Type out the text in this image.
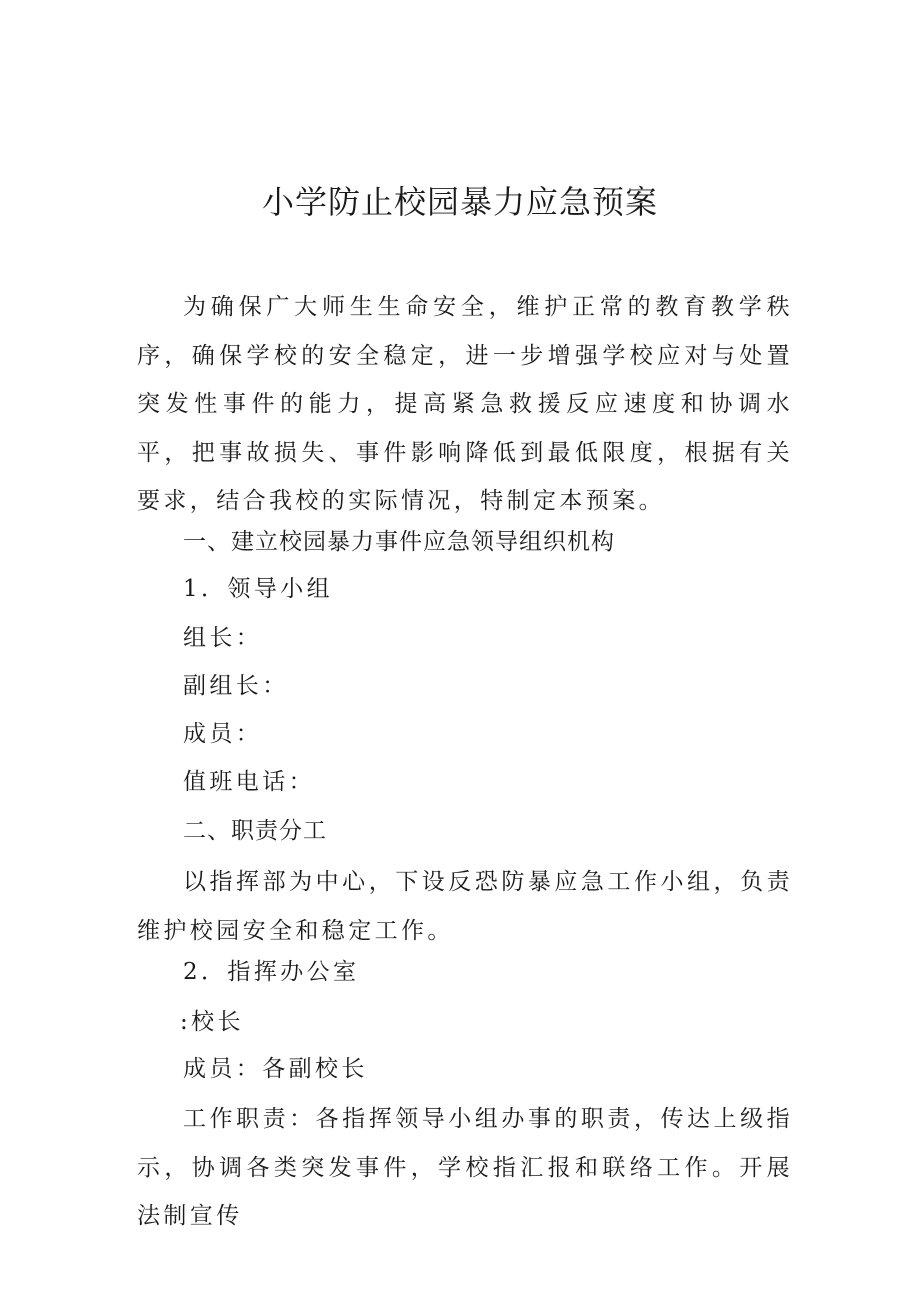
小学防止校园暴力应急预案

为确保广大师生生命安全，维护正常的教育教学秩序，确保学校的安全稳定，进一步增强学校应对与处置突发性事件的能力，提高紧急救援反应速度和协调水平，把事故损失、事件影响降低到最低限度，根据有关要求，结合我校的实际情况，特制定本预案。

一、建立校园暴力事件应急领导组织机构
1．领导小组
组长：
副组长：
成员：
值班电话：
二、职责分工

以指挥部为中心，下设反恐防暴应急工作小组，负责维护校园安全和稳定工作。

2．指挥办公室
:校长
成员：各副校长

工作职责：各指挥领导小组办事的职责，传达上级指示，协调各类突发事件，学校指汇报和联络工作。开展法制宣传
